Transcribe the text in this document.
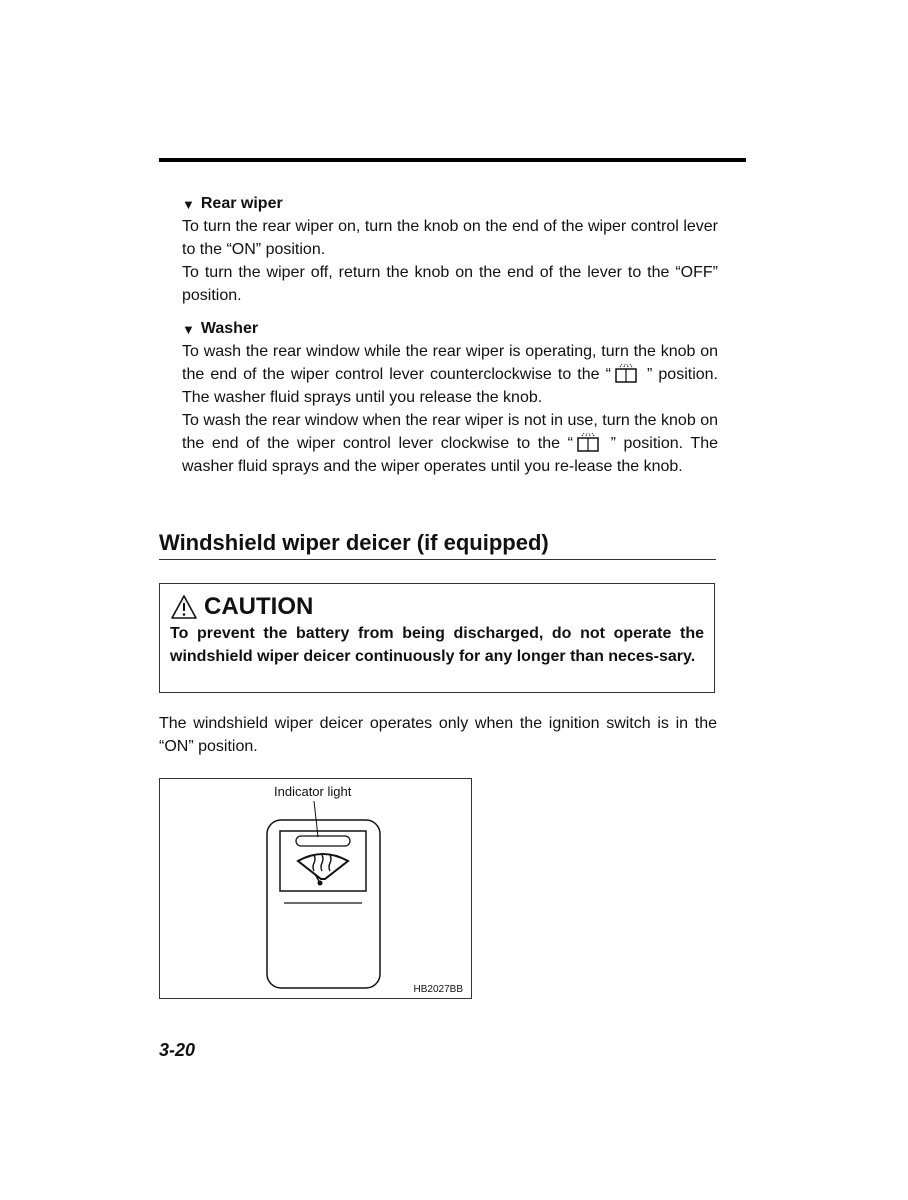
▼ Rear wiper
To turn the rear wiper on, turn the knob on the end of the wiper control lever to the “ON” position.
To turn the wiper off, return the knob on the end of the lever to the “OFF” position.
▼ Washer
To wash the rear window while the rear wiper is operating, turn the knob on the end of the wiper control lever counterclockwise to the “ ” position. The washer fluid sprays until you release the knob.
To wash the rear window when the rear wiper is not in use, turn the knob on the end of the wiper control lever clockwise to the “ ” position. The washer fluid sprays and the wiper operates until you re-lease the knob.
Windshield wiper deicer (if equipped)
CAUTION
To prevent the battery from being discharged, do not operate the windshield wiper deicer continuously for any longer than neces-sary.
The windshield wiper deicer operates only when the ignition switch is in the “ON” position.
Indicator light
HB2027BB
3-20
